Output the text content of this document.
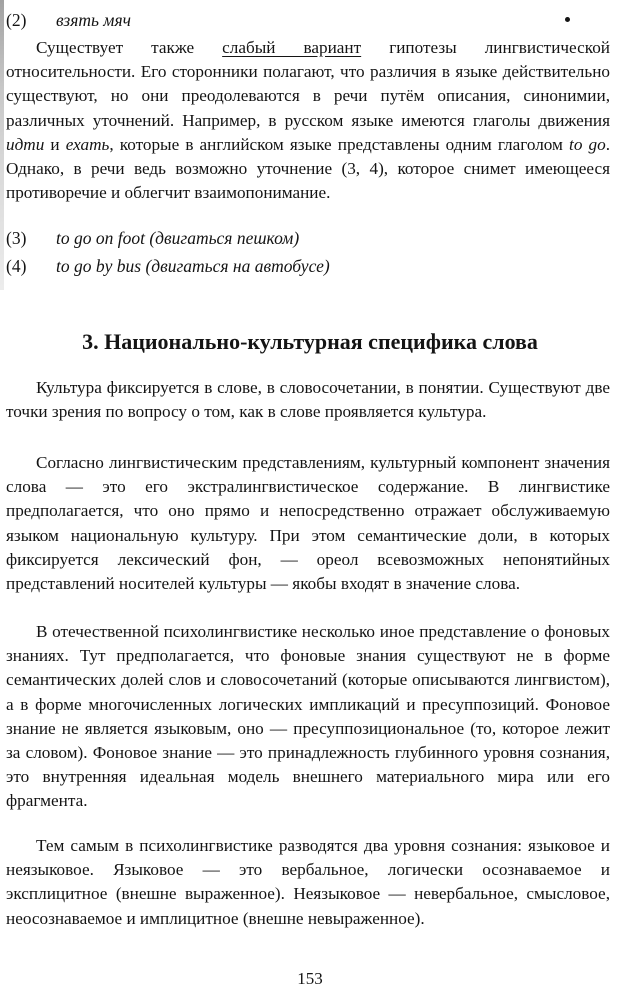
(2) взять мяч

Существует также слабый вариант гипотезы лингвистической относительности. Его сторонники полагают, что различия в языке действительно существуют, но они преодолеваются в речи путём описания, синонимии, различных уточнений. Например, в русском языке имеются глаголы движения идти и ехать, которые в английском языке представлены одним глаголом to go. Однако, в речи ведь возможно уточнение (3, 4), которое снимет имеющееся противоречие и облегчит взаимопонимание.

(3) to go on foot (двигаться пешком)
(4) to go by bus (двигаться на автобусе)
3. Национально-культурная специфика слова

Культура фиксируется в слове, в словосочетании, в понятии. Существуют две точки зрения по вопросу о том, как в слове проявляется культура.

Согласно лингвистическим представлениям, культурный компонент значения слова — это его экстралингвистическое содержание. В лингвистике предполагается, что оно прямо и непосредственно отражает обслуживаемую языком национальную культуру. При этом семантические доли, в которых фиксируется лексический фон, — ореол всевозможных непонятийных представлений носителей культуры — якобы входят в значение слова.

В отечественной психолингвистике несколько иное представление о фоновых знаниях. Тут предполагается, что фоновые знания существуют не в форме семантических долей слов и словосочетаний (которые описываются лингвистом), а в форме многочисленных логических импликаций и пресуппозиций. Фоновое знание не является языковым, оно — пресуппозициональное (то, которое лежит за словом). Фоновое знание — это принадлежность глубинного уровня сознания, это внутренняя идеальная модель внешнего материального мира или его фрагмента.

Тем самым в психолингвистике разводятся два уровня сознания: языковое и неязыковое. Языковое — это вербальное, логически осознаваемое и эксплицитное (внешне выраженное). Неязыковое — невербальное, смысловое, неосознаваемое и имплицитное (внешне невыраженное).

153
